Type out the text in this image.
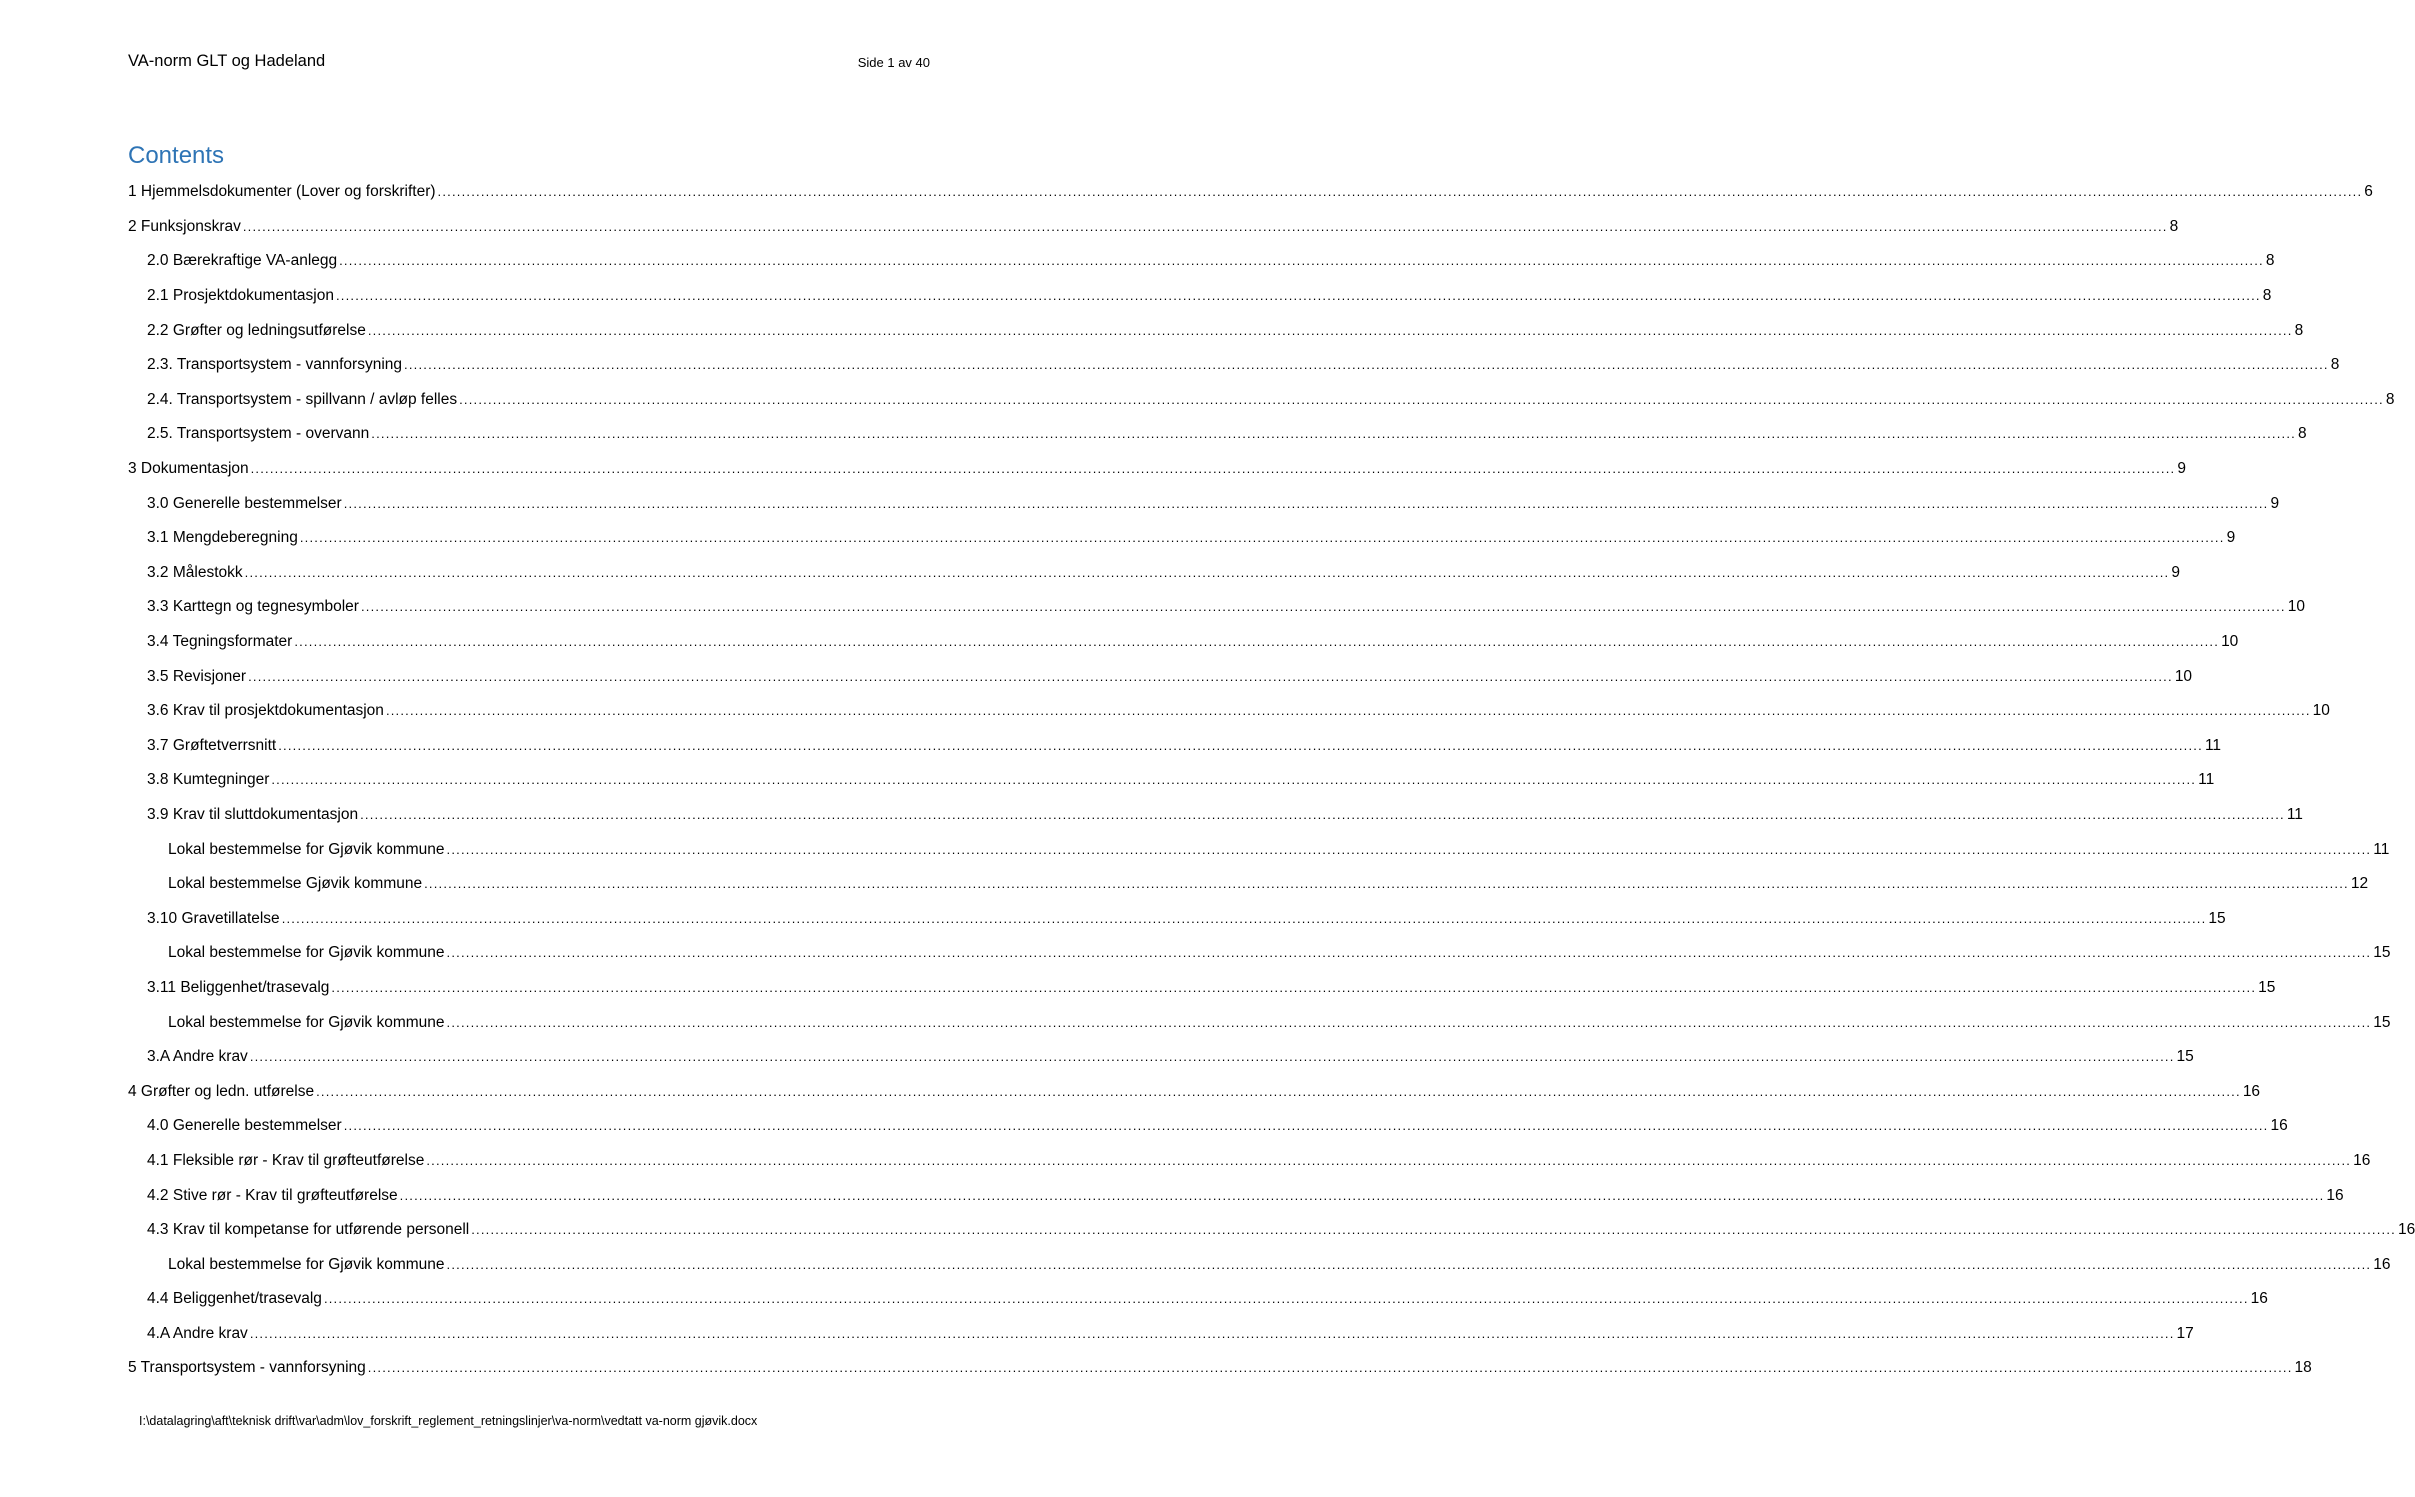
VA-norm GLT og Hadeland	Side 1 av 40
Contents
1 Hjemmelsdokumenter (Lover og forskrifter) ................................................................................................................................................................................................................................................................................................................................................................................................................ 6
2 Funksjonskrav ................................................................................................................................................................................................................................................................................................................................................................................................................ 8
2.0 Bærekraftige VA-anlegg ................................................................................................................................................................................................................................................................................................................................................................................................................ 8
2.1 Prosjektdokumentasjon ................................................................................................................................................................................................................................................................................................................................................................................................................ 8
2.2 Grøfter og ledningsutførelse ................................................................................................................................................................................................................................................................................................................................................................................................................ 8
2.3. Transportsystem - vannforsyning ................................................................................................................................................................................................................................................................................................................................................................................................................ 8
2.4. Transportsystem - spillvann / avløp felles ................................................................................................................................................................................................................................................................................................................................................................................................................ 8
2.5. Transportsystem - overvann ................................................................................................................................................................................................................................................................................................................................................................................................................ 8
3 Dokumentasjon ................................................................................................................................................................................................................................................................................................................................................................................................................ 9
3.0 Generelle bestemmelser ................................................................................................................................................................................................................................................................................................................................................................................................................ 9
3.1 Mengdeberegning ................................................................................................................................................................................................................................................................................................................................................................................................................ 9
3.2 Målestokk ................................................................................................................................................................................................................................................................................................................................................................................................................ 9
3.3 Karttegn og tegnesymboler ................................................................................................................................................................................................................................................................................................................................................................................................................ 10
3.4 Tegningsformater ................................................................................................................................................................................................................................................................................................................................................................................................................ 10
3.5 Revisjoner ................................................................................................................................................................................................................................................................................................................................................................................................................ 10
3.6 Krav til prosjektdokumentasjon ................................................................................................................................................................................................................................................................................................................................................................................................................ 10
3.7 Grøftetverrsnitt ................................................................................................................................................................................................................................................................................................................................................................................................................ 11
3.8 Kumtegninger ................................................................................................................................................................................................................................................................................................................................................................................................................ 11
3.9 Krav til sluttdokumentasjon ................................................................................................................................................................................................................................................................................................................................................................................................................ 11
Lokal bestemmelse for Gjøvik kommune ................................................................................................................................................................................................................................................................................................................................................................................................................ 11
Lokal bestemmelse Gjøvik kommune ................................................................................................................................................................................................................................................................................................................................................................................................................ 12
3.10 Gravetillatelse ................................................................................................................................................................................................................................................................................................................................................................................................................ 15
Lokal bestemmelse for Gjøvik kommune ................................................................................................................................................................................................................................................................................................................................................................................................................ 15
3.11 Beliggenhet/trasevalg ................................................................................................................................................................................................................................................................................................................................................................................................................ 15
Lokal bestemmelse for Gjøvik kommune ................................................................................................................................................................................................................................................................................................................................................................................................................ 15
3.A Andre krav ................................................................................................................................................................................................................................................................................................................................................................................................................ 15
4 Grøfter og ledn. utførelse ................................................................................................................................................................................................................................................................................................................................................................................................................ 16
4.0 Generelle bestemmelser ................................................................................................................................................................................................................................................................................................................................................................................................................ 16
4.1 Fleksible rør - Krav til grøfteutførelse ................................................................................................................................................................................................................................................................................................................................................................................................................ 16
4.2 Stive rør - Krav til grøfteutførelse ................................................................................................................................................................................................................................................................................................................................................................................................................ 16
4.3 Krav til kompetanse for utførende personell ................................................................................................................................................................................................................................................................................................................................................................................................................ 16
Lokal bestemmelse for Gjøvik kommune ................................................................................................................................................................................................................................................................................................................................................................................................................ 16
4.4 Beliggenhet/trasevalg ................................................................................................................................................................................................................................................................................................................................................................................................................ 16
4.A Andre krav ................................................................................................................................................................................................................................................................................................................................................................................................................ 17
5 Transportsystem - vannforsyning ................................................................................................................................................................................................................................................................................................................................................................................................................ 18
I:\datalagring\aft\teknisk drift\var\adm\lov_forskrift_reglement_retningslinjer\va-norm\vedtatt va-norm gjøvik.docx
